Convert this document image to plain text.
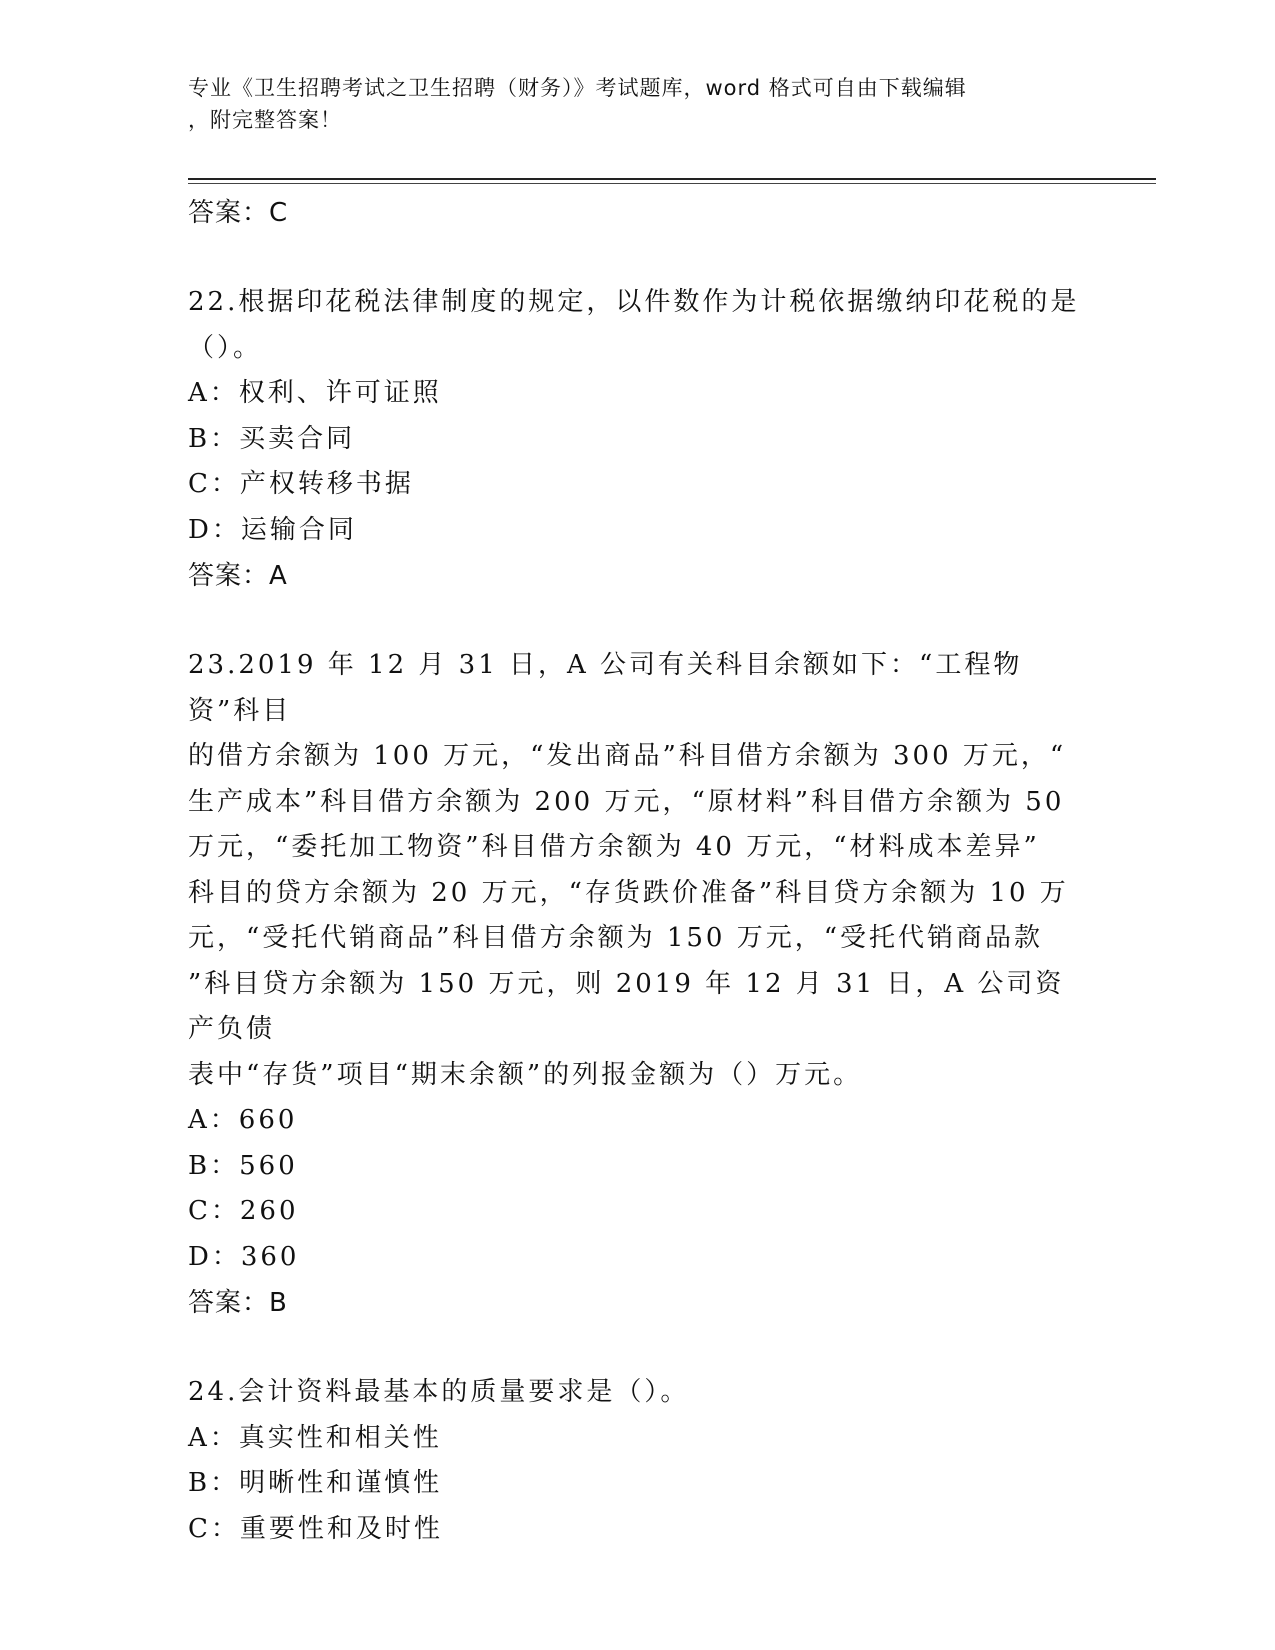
专业《卫生招聘考试之卫生招聘（财务）》考试题库，word 格式可自由下载编辑
，附完整答案！
答案：C
22.根据印花税法律制度的规定，以件数作为计税依据缴纳印花税的是
（）。
A：权利、许可证照
B：买卖合同
C：产权转移书据
D：运输合同
答案：A
23.2019 年 12 月 31 日，A 公司有关科目余额如下：“工程物资”科目
的借方余额为 100 万元，“发出商品”科目借方余额为 300 万元，“
生产成本”科目借方余额为 200 万元，“原材料”科目借方余额为 50
万元，“委托加工物资”科目借方余额为 40 万元，“材料成本差异”
科目的贷方余额为 20 万元，“存货跌价准备”科目贷方余额为 10 万
元，“受托代销商品”科目借方余额为 150 万元，“受托代销商品款
”科目贷方余额为 150 万元，则 2019 年 12 月 31 日，A 公司资产负债
表中“存货”项目“期末余额”的列报金额为（）万元。
A：660
B：560
C：260
D：360
答案：B
24.会计资料最基本的质量要求是（）。
A：真实性和相关性
B：明晰性和谨慎性
C：重要性和及时性
